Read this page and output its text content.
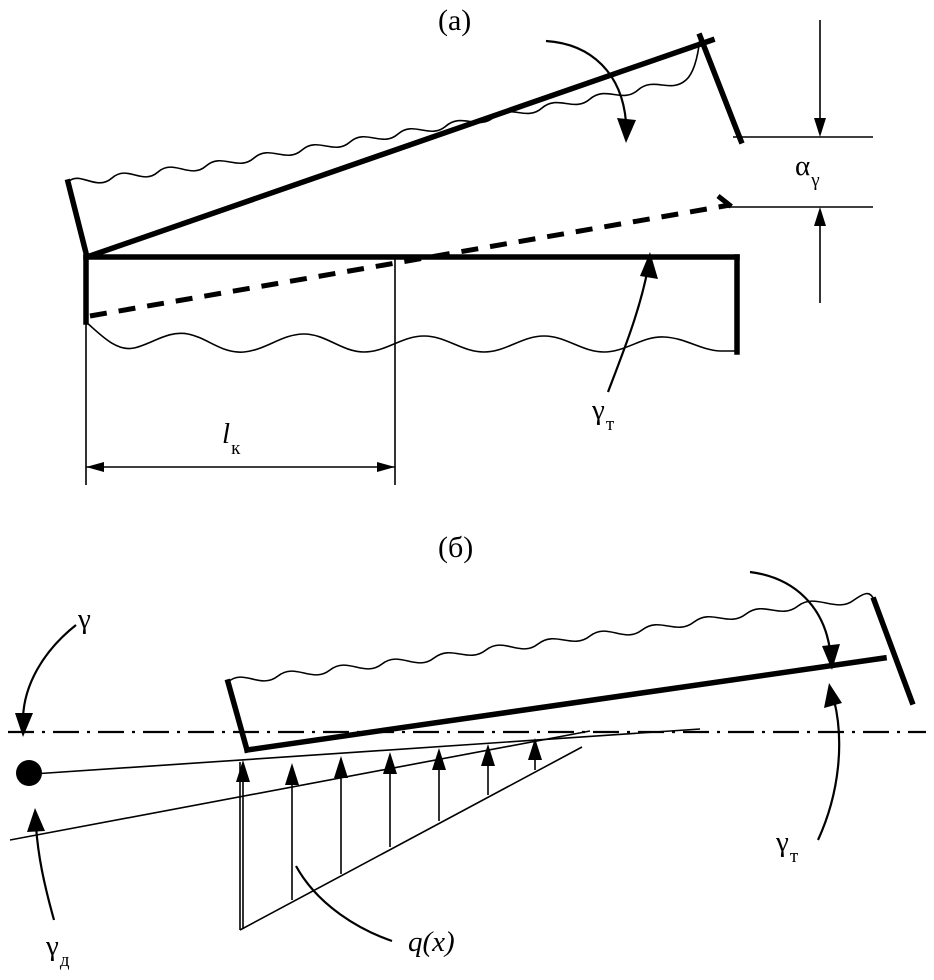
(а)
(б)
$\alpha_\gamma$
$\gamma_т$
$l_к$
γ
$\gamma_д$
$\gamma_т$
q(x)
